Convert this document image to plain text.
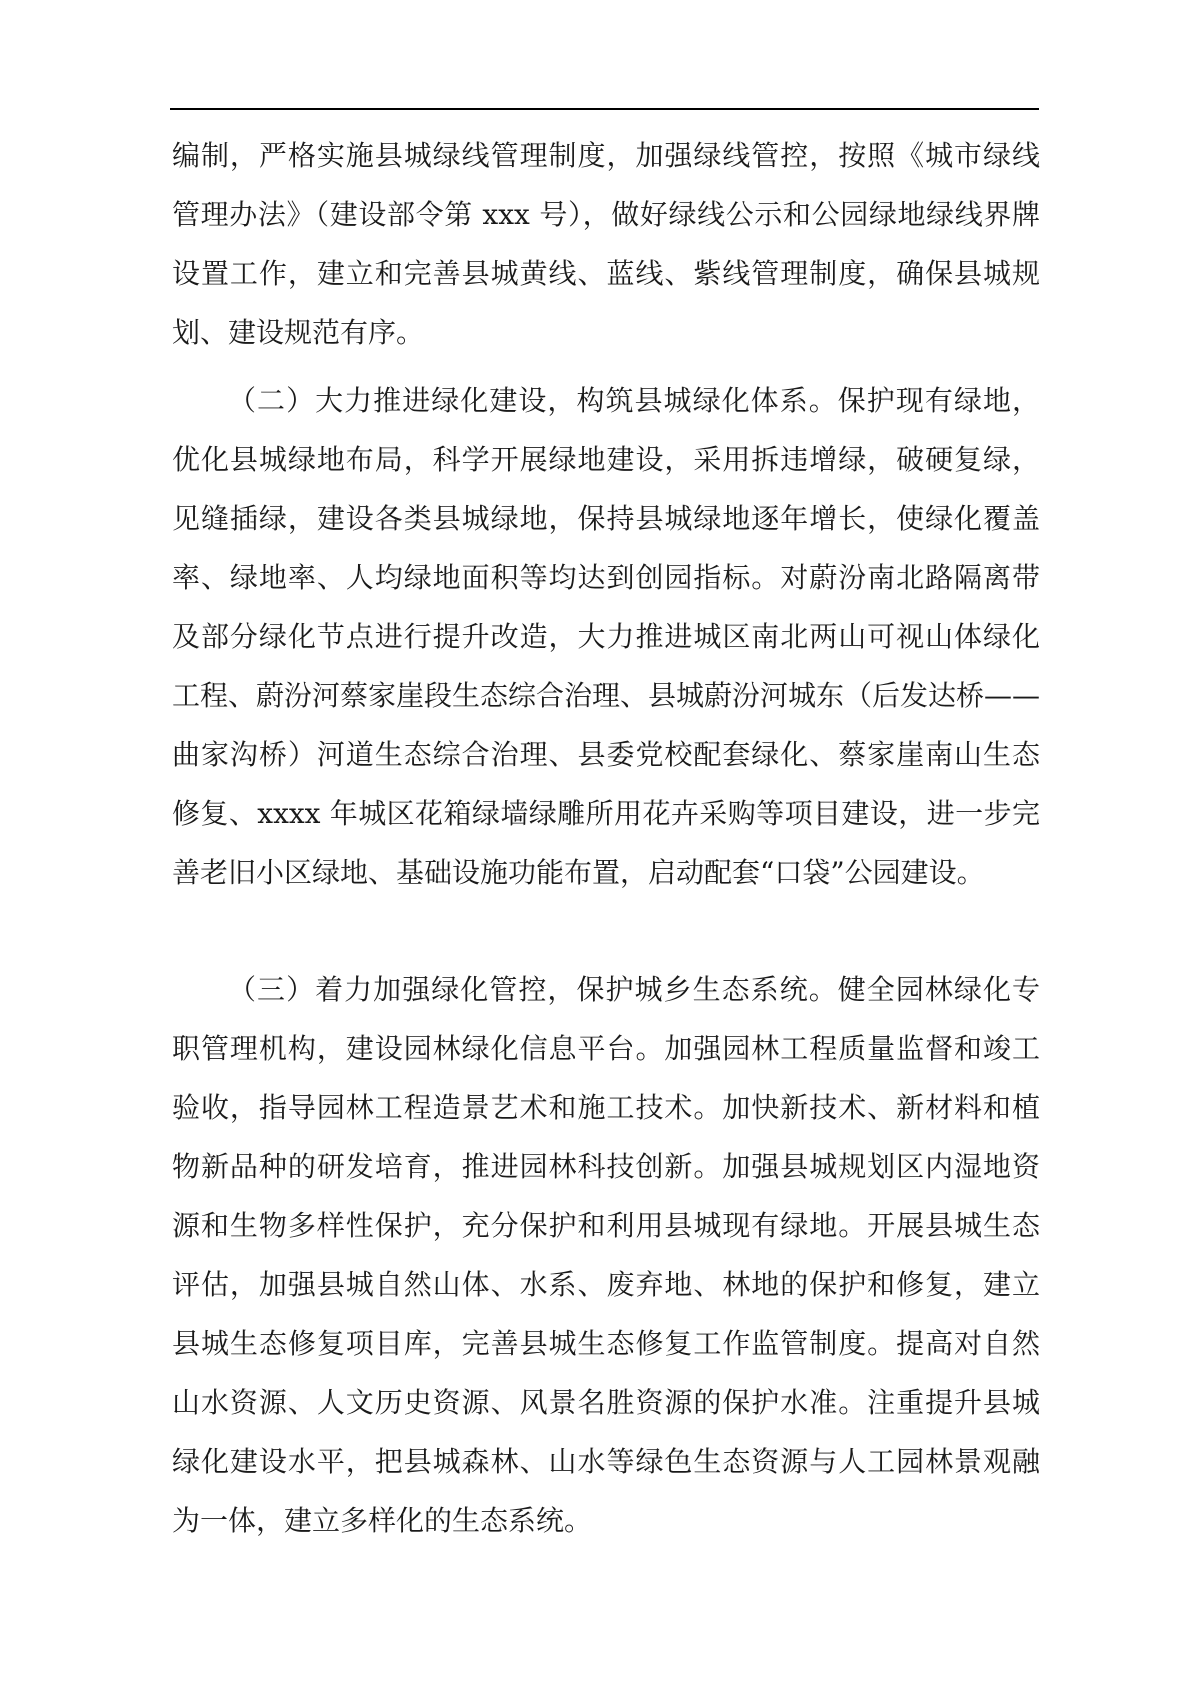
编制，严格实施县城绿线管理制度，加强绿线管控，按照《城市绿线
管理办法》（建设部令第 xxx 号），做好绿线公示和公园绿地绿线界牌
设置工作，建立和完善县城黄线、蓝线、紫线管理制度，确保县城规
划、建设规范有序。
（二）大力推进绿化建设，构筑县城绿化体系。保护现有绿地，
优化县城绿地布局，科学开展绿地建设，采用拆违增绿，破硬复绿，
见缝插绿，建设各类县城绿地，保持县城绿地逐年增长，使绿化覆盖
率、绿地率、人均绿地面积等均达到创园指标。对蔚汾南北路隔离带
及部分绿化节点进行提升改造，大力推进城区南北两山可视山体绿化
工程、蔚汾河蔡家崖段生态综合治理、县城蔚汾河城东（后发达桥——
曲家沟桥）河道生态综合治理、县委党校配套绿化、蔡家崖南山生态
修复、xxxx 年城区花箱绿墙绿雕所用花卉采购等项目建设，进一步完
善老旧小区绿地、基础设施功能布置，启动配套“口袋”公园建设。
（三）着力加强绿化管控，保护城乡生态系统。健全园林绿化专
职管理机构，建设园林绿化信息平台。加强园林工程质量监督和竣工
验收，指导园林工程造景艺术和施工技术。加快新技术、新材料和植
物新品种的研发培育，推进园林科技创新。加强县城规划区内湿地资
源和生物多样性保护，充分保护和利用县城现有绿地。开展县城生态
评估，加强县城自然山体、水系、废弃地、林地的保护和修复，建立
县城生态修复项目库，完善县城生态修复工作监管制度。提高对自然
山水资源、人文历史资源、风景名胜资源的保护水准。注重提升县城
绿化建设水平，把县城森林、山水等绿色生态资源与人工园林景观融
为一体，建立多样化的生态系统。
